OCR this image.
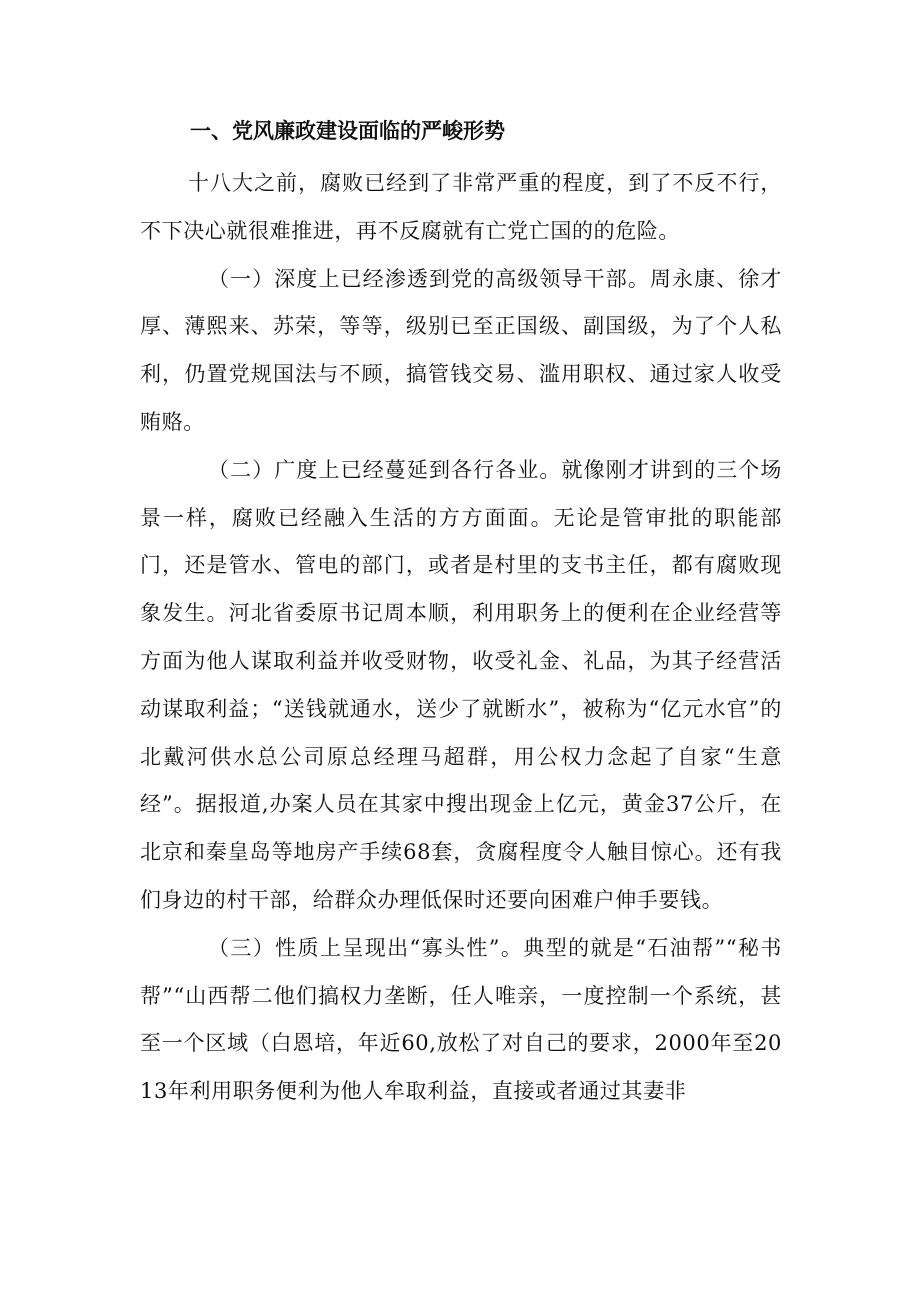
一、党风廉政建设面临的严峻形势

十八大之前，腐败已经到了非常严重的程度，到了不反不行，不下决心就很难推进，再不反腐就有亡党亡国的的危险。

（一）深度上已经渗透到党的高级领导干部。周永康、徐才厚、薄熙来、苏荣，等等，级别已至正国级、副国级，为了个人私利，仍置党规国法与不顾，搞管钱交易、滥用职权、通过家人收受贿赂。

（二）广度上已经蔓延到各行各业。就像刚才讲到的三个场景一样，腐败已经融入生活的方方面面。无论是管审批的职能部门，还是管水、管电的部门，或者是村里的支书主任，都有腐败现象发生。河北省委原书记周本顺，利用职务上的便利在企业经营等方面为他人谋取利益并收受财物，收受礼金、礼品，为其子经营活动谋取利益；“送钱就通水，送少了就断水”，被称为“亿元水官”的北戴河供水总公司原总经理马超群，用公权力念起了自家“生意经”。据报道,办案人员在其家中搜出现金上亿元，黄金37公斤，在北京和秦皇岛等地房产手续68套，贪腐程度令人触目惊心。还有我们身边的村干部，给群众办理低保时还要向困难户伸手要钱。

（三）性质上呈现出“寡头性”。典型的就是“石油帮”“秘书帮”“山西帮二他们搞权力垄断，任人唯亲，一度控制一个系统，甚至一个区域（白恩培，年近60,放松了对自己的要求，2000年至2013年利用职务便利为他人牟取利益，直接或者通过其妻非
